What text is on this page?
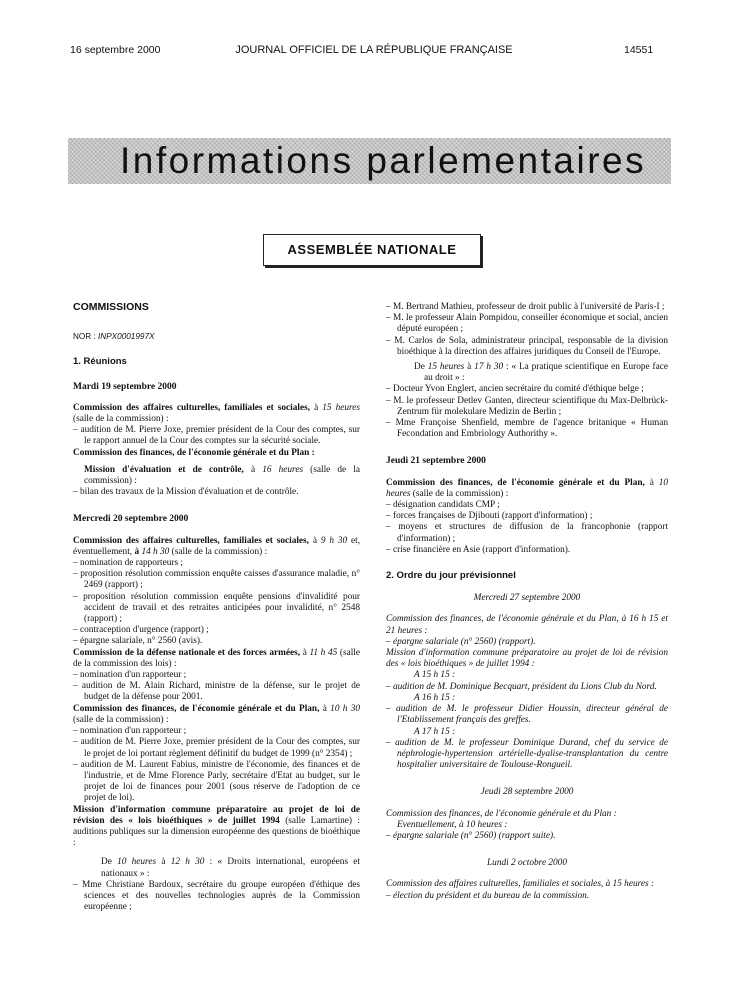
16 septembre 2000	JOURNAL OFFICIEL DE LA RÉPUBLIQUE FRANÇAISE	14551
Informations parlementaires
ASSEMBLÉE NATIONALE

COMMISSIONS

NOR : INPX0001997X

1. Réunions

Mardi 19 septembre 2000

Commission des affaires culturelles, familiales et sociales, à 15 heures (salle de la commission) :

– audition de M. Pierre Joxe, premier président de la Cour des comptes, sur le rapport annuel de la Cour des comptes sur la sécurité sociale.

Commission des finances, de l'économie générale et du Plan :

Mission d'évaluation et de contrôle, à 16 heures (salle de la commission) :

– bilan des travaux de la Mission d'évaluation et de contrôle.

Mercredi 20 septembre 2000

Commission des affaires culturelles, familiales et sociales, à 9 h 30 et, éventuellement, à 14 h 30 (salle de la commission) :

– nomination de rapporteurs ;

– proposition résolution commission enquête caisses d'assurance maladie, n° 2469 (rapport) ;

– proposition résolution commission enquête pensions d'invalidité pour accident de travail et des retraites anticipées pour invalidité, n° 2548 (rapport) ;

– contraception d'urgence (rapport) ;

– épargne salariale, n° 2560 (avis).

Commission de la défense nationale et des forces armées, à 11 h 45 (salle de la commission des lois) :

– nomination d'un rapporteur ;

– audition de M. Alain Richard, ministre de la défense, sur le projet de budget de la défense pour 2001.

Commission des finances, de l'économie générale et du Plan, à 10 h 30 (salle de la commission) :

– nomination d'un rapporteur ;

– audition de M. Pierre Joxe, premier président de la Cour des comptes, sur le projet de loi portant règlement définitif du budget de 1999 (n° 2354) ;

– audition de M. Laurent Fabius, ministre de l'économie, des finances et de l'industrie, et de Mme Florence Parly, secrétaire d'Etat au budget, sur le projet de loi de finances pour 2001 (sous réserve de l'adoption de ce projet de loi).

Mission d'information commune préparatoire au projet de loi de révision des « lois bioéthiques » de juillet 1994 (salle Lamartine) : auditions publiques sur la dimension européenne des questions de bioéthique :

De 10 heures à 12 h 30 : « Droits international, européens et nationaux » :

– Mme Christiane Bardoux, secrétaire du groupe européen d'éthique des sciences et des nouvelles technologies auprès de la Commission européenne ;

– M. Bertrand Mathieu, professeur de droit public à l'université de Paris-I ;

– M. le professeur Alain Pompidou, conseiller économique et social, ancien député européen ;

– M. Carlos de Sola, administrateur principal, responsable de la division bioéthique à la direction des affaires juridiques du Conseil de l'Europe.

De 15 heures à 17 h 30 : « La pratique scientifique en Europe face au droit » :

– Docteur Yvon Englert, ancien secrétaire du comité d'éthique belge ;

– M. le professeur Detlev Ganten, directeur scientifique du Max-Delbrück-Zentrum für molekulare Medizin de Berlin ;

– Mme Françoise Shenfield, membre de l'agence britanique « Human Fecondation and Embriology Authorithy ».

Jeudi 21 septembre 2000

Commission des finances, de l'économie générale et du Plan, à 10 heures (salle de la commission) :

– désignation candidats CMP ;

– forces françaises de Djibouti (rapport d'information) ;

– moyens et structures de diffusion de la francophonie (rapport d'information) ;

– crise financière en Asie (rapport d'information).

2. Ordre du jour prévisionnel

Mercredi 27 septembre 2000

Commission des finances, de l'économie générale et du Plan, à 16 h 15 et 21 heures :

– épargne salariale (n° 2560) (rapport).

Mission d'information commune préparatoire au projet de loi de révision des « lois bioéthiques » de juillet 1994 :

A 15 h 15 :

– audition de M. Dominique Becquart, président du Lions Club du Nord.

A 16 h 15 :

– audition de M. le professeur Didier Houssin, directeur général de l'Etablissement français des greffes.

A 17 h 15 :

– audition de M. le professeur Dominique Durand, chef du service de néphrologie-hypertension artérielle-dyalise-transplantation du centre hospitalier universitaire de Toulouse-Rongueil.

Jeudi 28 septembre 2000

Commission des finances, de l'économie générale et du Plan :

Eventuellement, à 10 heures :

– épargne salariale (n° 2560) (rapport suite).

Lundi 2 octobre 2000

Commission des affaires culturelles, familiales et sociales, à 15 heures :

– élection du président et du bureau de la commission.
